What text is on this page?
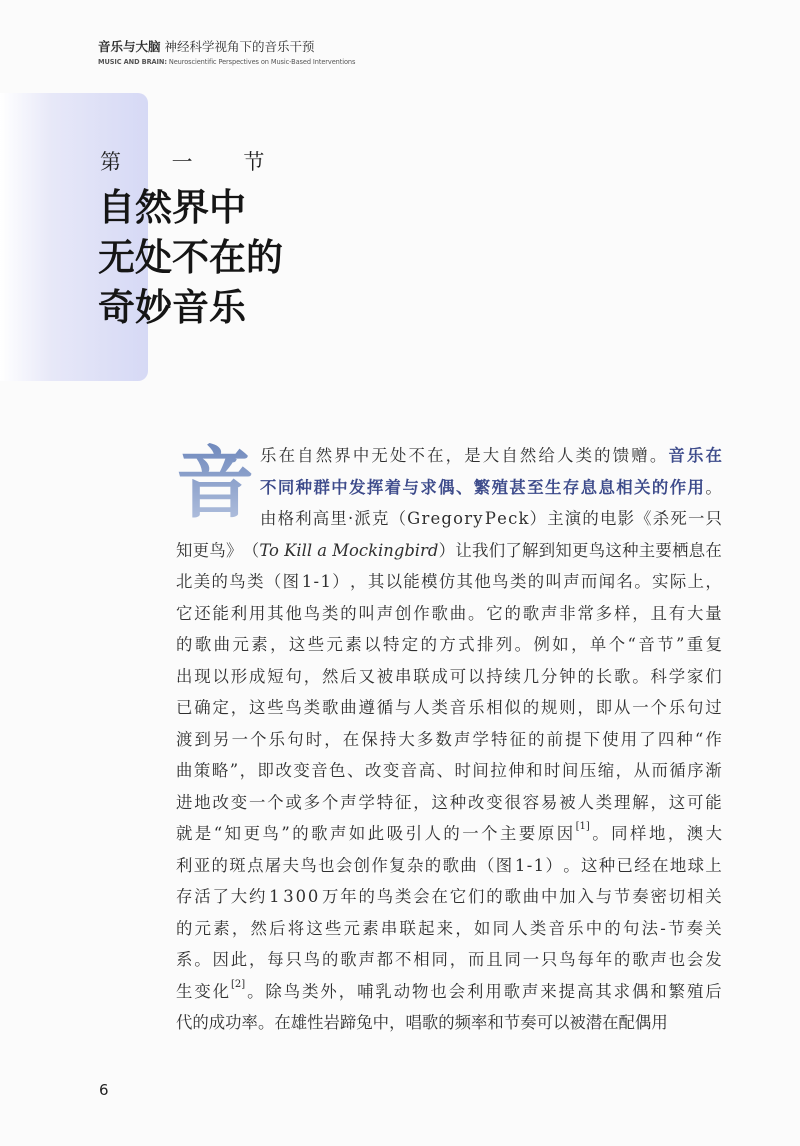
音乐与大脑 神经科学视角下的音乐干预
MUSIC AND BRAIN: Neuroscientific Perspectives on Music-Based Interventions
第 一 节
自然界中
无处不在的
奇妙音乐
音 乐 在 自 然 界 中 无 处 不 在 ， 是 大 自 然 给 人 类 的 馈 赠 。 音 乐 在
不 同 种 群 中 发 挥 着 与 求 偶 、 繁 殖 甚 至 生 存 息 息 相 关 的 作 用 。
由 格 利 高 里 · 派 克 （ G r e g o r y P e c k ） 主 演 的 电 影 《 杀 死 一 只
知 更 鸟 》 （ To Kill a Mockingbird ） 让 我 们 了 解 到 知 更 鸟 这 种 主 要 栖 息 在
北 美 的 鸟 类 （ 图 1 - 1 ） ， 其 以 能 模 仿 其 他 鸟 类 的 叫 声 而 闻 名 。 实 际 上 ，
它 还 能 利 用 其 他 鸟 类 的 叫 声 创 作 歌 曲 。 它 的 歌 声 非 常 多 样 ， 且 有 大 量
的 歌 曲 元 素 ， 这 些 元 素 以 特 定 的 方 式 排 列 。 例 如 ， 单 个 “ 音 节 ” 重 复
出 现 以 形 成 短 句 ， 然 后 又 被 串 联 成 可 以 持 续 几 分 钟 的 长 歌 。 科 学 家 们
已 确 定 ， 这 些 鸟 类 歌 曲 遵 循 与 人 类 音 乐 相 似 的 规 则 ， 即 从 一 个 乐 句 过
渡 到 另 一 个 乐 句 时 ， 在 保 持 大 多 数 声 学 特 征 的 前 提 下 使 用 了 四 种 “ 作
曲 策 略 ” ， 即 改 变 音 色 、 改 变 音 高 、 时 间 拉 伸 和 时 间 压 缩 ， 从 而 循 序 渐
进 地 改 变 一 个 或 多 个 声 学 特 征 ， 这 种 改 变 很 容 易 被 人 类 理 解 ， 这 可 能
就 是 “ 知 更 鸟 ” 的 歌 声 如 此 吸 引 人 的 一 个 主 要 原 因 [1] 。 同 样 地 ， 澳 大
利 亚 的 斑 点 屠 夫 鸟 也 会 创 作 复 杂 的 歌 曲 （ 图 1 - 1 ） 。 这 种 已 经 在 地 球 上
存 活 了 大 约 1 3 0 0 万 年 的 鸟 类 会 在 它 们 的 歌 曲 中 加 入 与 节 奏 密 切 相 关
的 元 素 ， 然 后 将 这 些 元 素 串 联 起 来 ， 如 同 人 类 音 乐 中 的 句 法 - 节 奏 关
系 。 因 此 ， 每 只 鸟 的 歌 声 都 不 相 同 ， 而 且 同 一 只 鸟 每 年 的 歌 声 也 会 发
生 变 化 [2] 。 除 鸟 类 外 ， 哺 乳 动 物 也 会 利 用 歌 声 来 提 高 其 求 偶 和 繁 殖 后
代的成功率。在雄性岩蹄兔中，唱歌的频率和节奏可以被潜在配偶用
6
